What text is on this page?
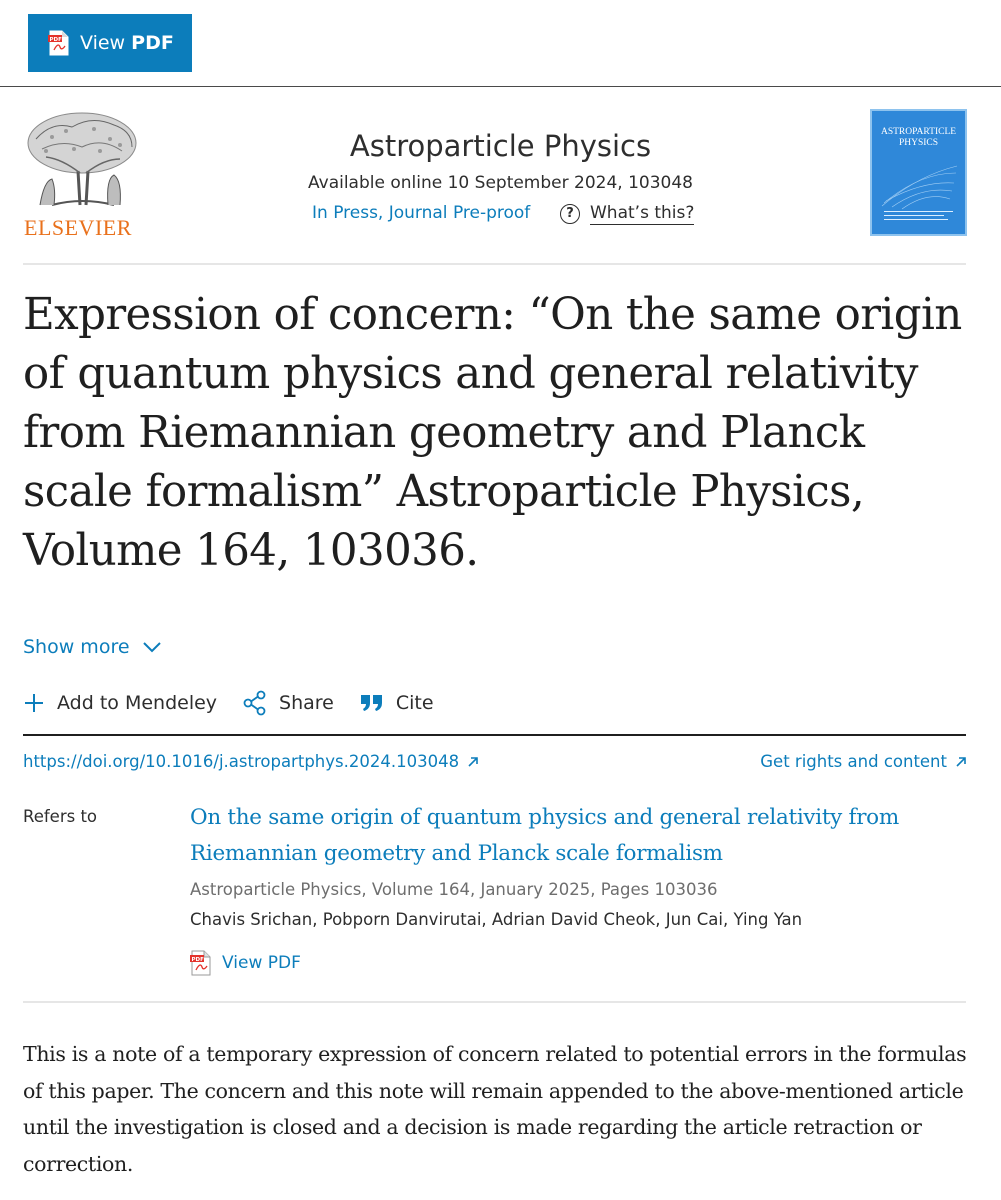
PDF View PDF
ELSEVIER
Astroparticle Physics
Available online 10 September 2024, 103048
In Press, Journal Pre-proof	? What’s this?
ASTROPARTICLE PHYSICS
Expression of concern: “On the same origin of quantum physics and general relativity from Riemannian geometry and Planck scale formalism” Astroparticle Physics, Volume 164, 103036.
Show more
Add to Mendeley	Share	Cite
https://doi.org/10.1016/j.astropartphys.2024.103048	Get rights and content
Refers to	On the same origin of quantum physics and general relativity from Riemannian geometry and Planck scale formalism
Astroparticle Physics, Volume 164, January 2025, Pages 103036
Chavis Srichan, Pobporn Danvirutai, Adrian David Cheok, Jun Cai, Ying Yan
PDF View PDF

This is a note of a temporary expression of concern related to potential errors in the formulas of this paper. The concern and this note will remain appended to the above-mentioned article until the investigation is closed and a decision is made regarding the article retraction or correction.
